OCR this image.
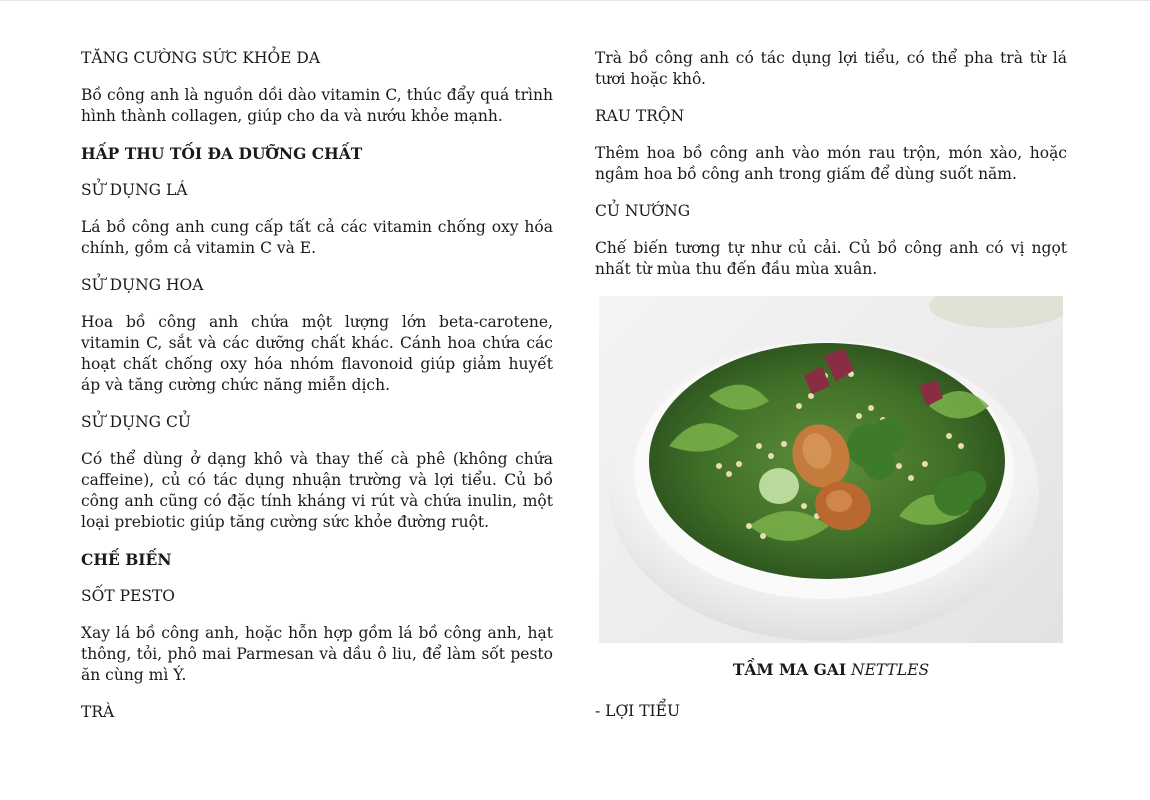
TĂNG CƯỜNG SỨC KHỎE DA

Bồ công anh là nguồn dồi dào vitamin C, thúc đẩy quá trình hình thành collagen, giúp cho da và nướu khỏe mạnh.

HẤP THU TỐI ĐA DƯỠNG CHẤT

SỬ DỤNG LÁ

Lá bồ công anh cung cấp tất cả các vitamin chống oxy hóa chính, gồm cả vitamin C và E.

SỬ DỤNG HOA

Hoa bồ công anh chứa một lượng lớn beta-carotene, vitamin C, sắt và các dưỡng chất khác. Cánh hoa chứa các hoạt chất chống oxy hóa nhóm flavonoid giúp giảm huyết áp và tăng cường chức năng miễn dịch.

SỬ DỤNG CỦ

Có thể dùng ở dạng khô và thay thế cà phê (không chứa caffeine), củ có tác dụng nhuận trường và lợi tiểu. Củ bồ công anh cũng có đặc tính kháng vi rút và chứa inulin, một loại prebiotic giúp tăng cường sức khỏe đường ruột.

CHẾ BIẾN

SỐT PESTO

Xay lá bồ công anh, hoặc hỗn hợp gồm lá bồ công anh, hạt thông, tỏi, phô mai Parmesan và dầu ô liu, để làm sốt pesto ăn cùng mì Ý.

TRÀ

Trà bồ công anh có tác dụng lợi tiểu, có thể pha trà từ lá tươi hoặc khô.

RAU TRỘN

Thêm hoa bồ công anh vào món rau trộn, món xào, hoặc ngâm hoa bồ công anh trong giấm để dùng suốt năm.

CỦ NƯỚNG

Chế biến tương tự như củ cải. Củ bồ công anh có vị ngọt nhất từ mùa thu đến đầu mùa xuân.

TẦM MA GAI NETTLES

- LỢI TIỂU
